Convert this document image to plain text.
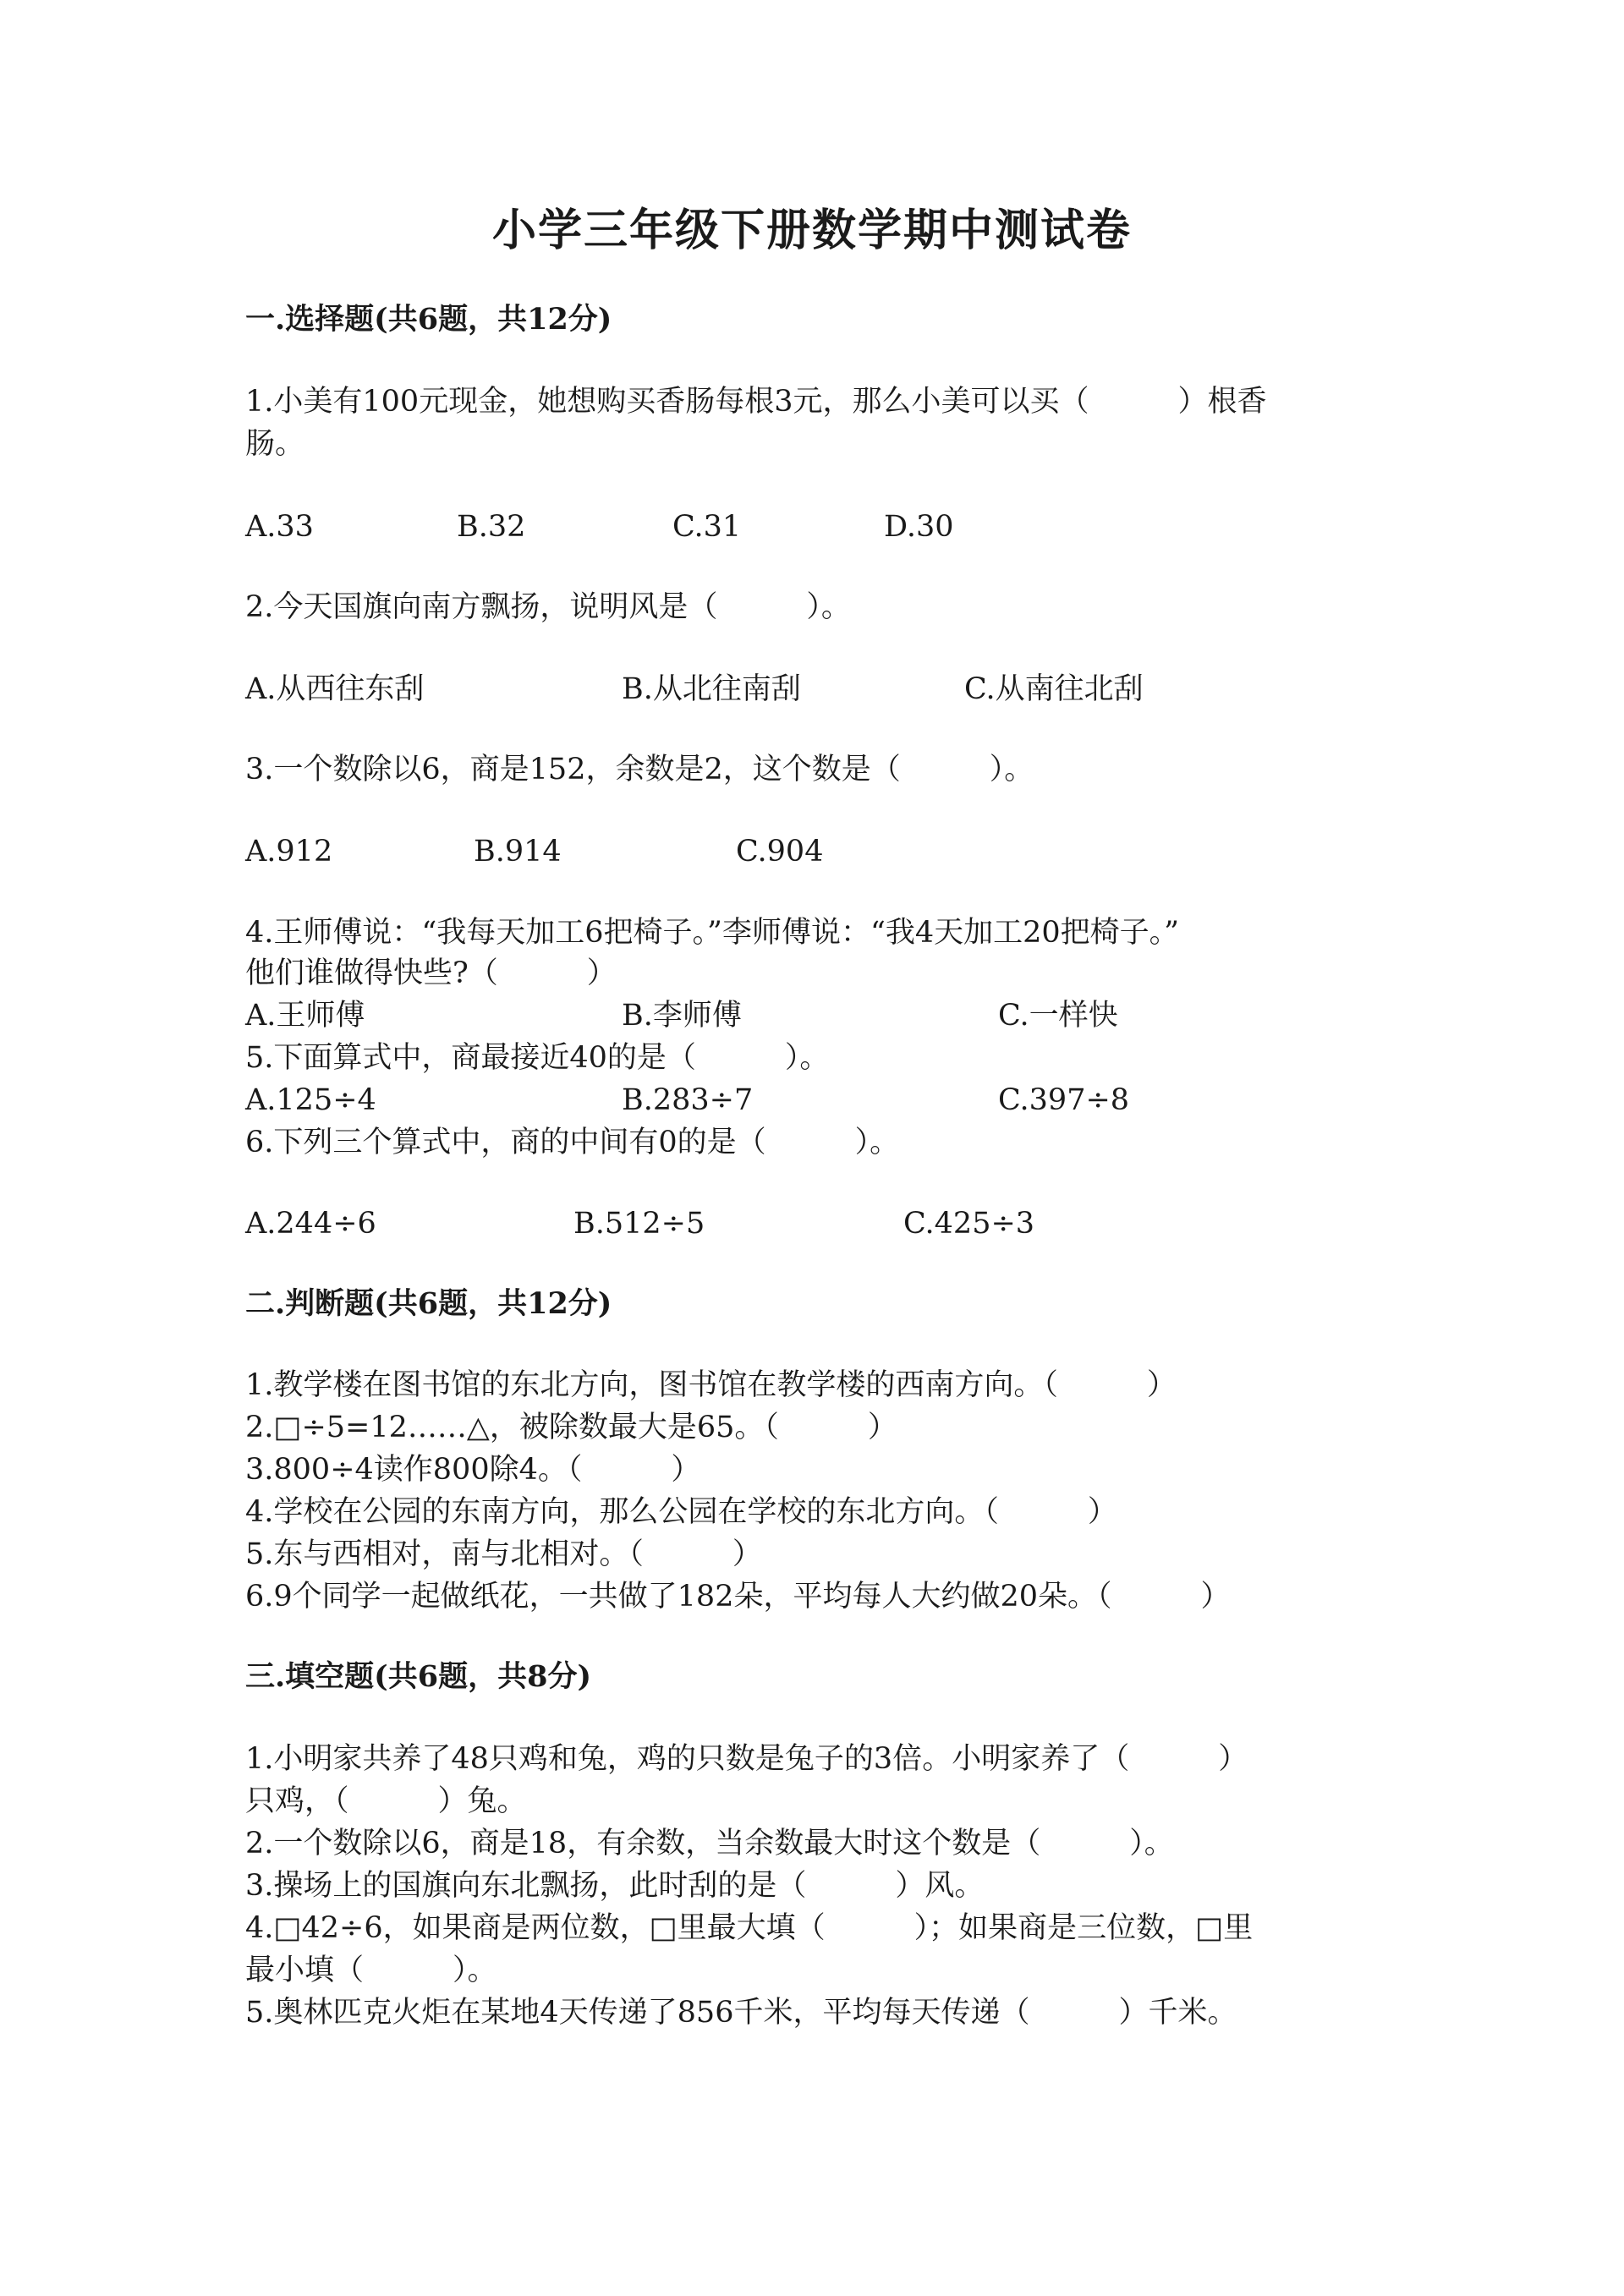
小学三年级下册数学期中测试卷
一.选择题(共6题，共12分)
1.小美有100元现金，她想购买香肠每根3元，那么小美可以买（　　　）根香
肠。
A.33	B.32	C.31	D.30
2.今天国旗向南方飘扬，说明风是（　　　）。
A.从西往东刮	B.从北往南刮	C.从南往北刮
3.一个数除以6，商是152，余数是2，这个数是（　　　）。
A.912	B.914	C.904
4.王师傅说：“我每天加工6把椅子。”李师傅说：“我4天加工20把椅子。”
他们谁做得快些?（　　　）
A.王师傅	B.李师傅	C.一样快
5.下面算式中，商最接近40的是（　　　）。
A.125÷4	B.283÷7	C.397÷8
6.下列三个算式中，商的中间有0的是（　　　）。
A.244÷6	B.512÷5	C.425÷3
二.判断题(共6题，共12分)
1.教学楼在图书馆的东北方向，图书馆在教学楼的西南方向。（　　　）
2.□÷5=12……△，被除数最大是65。（　　　）
3.800÷4读作800除4。（　　　）
4.学校在公园的东南方向，那么公园在学校的东北方向。（　　　）
5.东与西相对，南与北相对。（　　　）
6.9个同学一起做纸花，一共做了182朵，平均每人大约做20朵。（　　　）
三.填空题(共6题，共8分)
1.小明家共养了48只鸡和兔，鸡的只数是兔子的3倍。小明家养了（　　　）
只鸡，（　　　）兔。
2.一个数除以6，商是18，有余数，当余数最大时这个数是（　　　）。
3.操场上的国旗向东北飘扬，此时刮的是（　　　）风。
4.□42÷6，如果商是两位数，□里最大填（　　　）；如果商是三位数，□里
最小填（　　　）。
5.奥林匹克火炬在某地4天传递了856千米，平均每天传递（　　　）千米。
